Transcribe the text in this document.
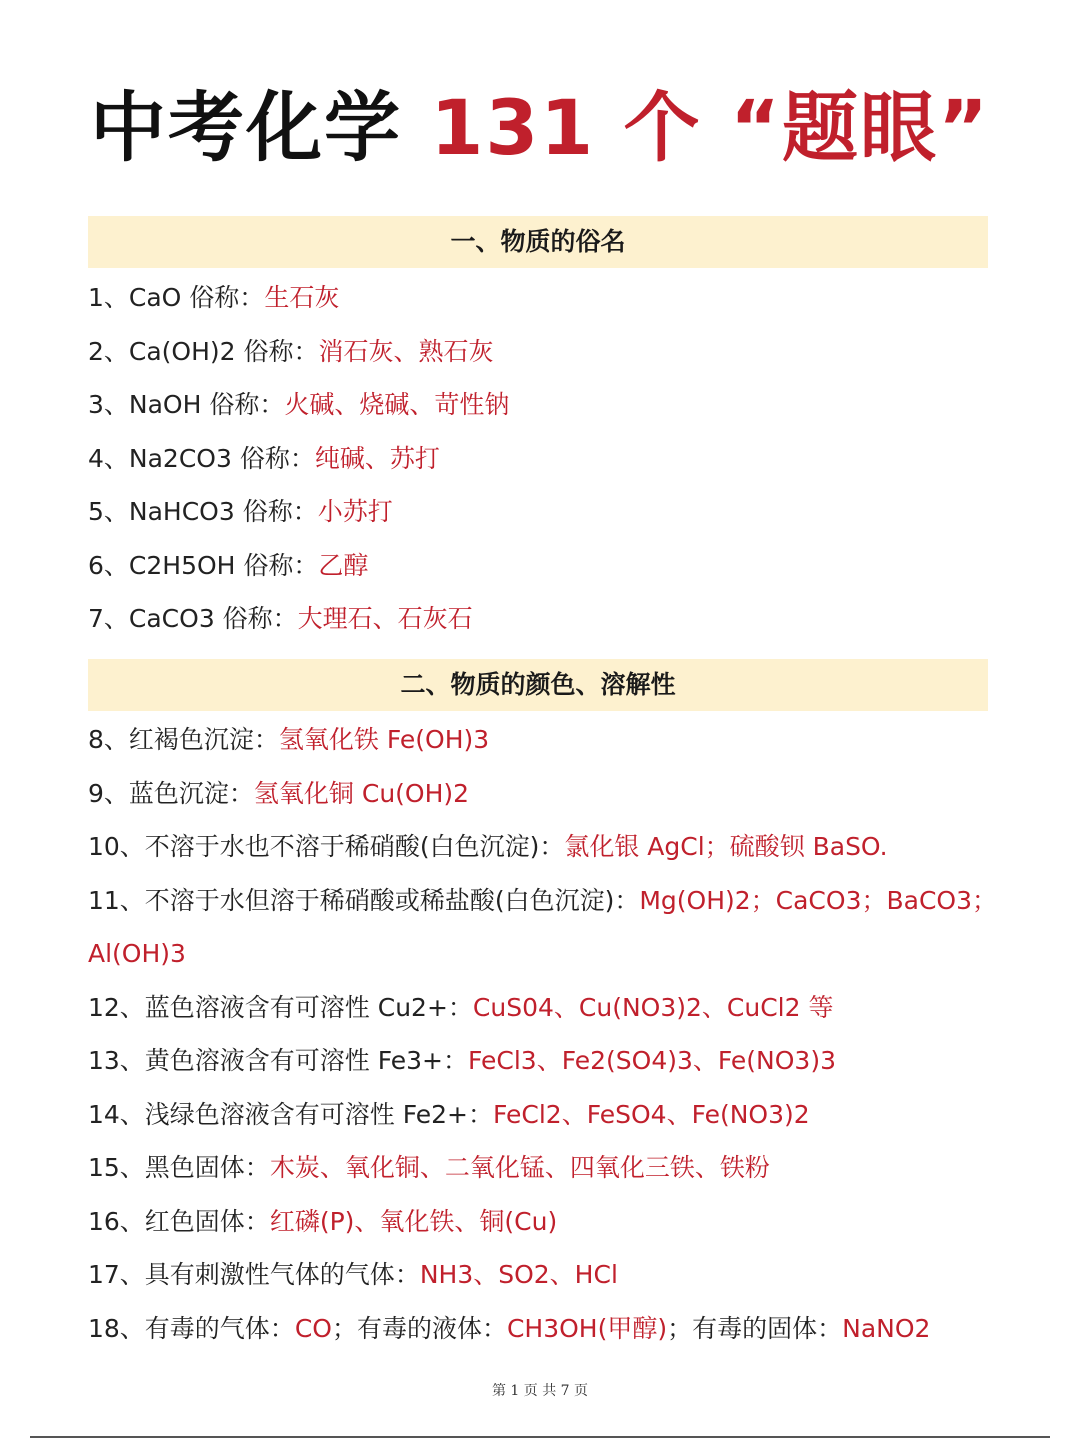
中考化学 131 个 “题眼”
一、物质的俗名
1、CaO 俗称：生石灰
2、Ca(OH)2 俗称：消石灰、熟石灰
3、NaOH 俗称：火碱、烧碱、苛性钠
4、Na2CO3 俗称：纯碱、苏打
5、NaHCO3 俗称：小苏打
6、C2H5OH 俗称：乙醇
7、CaCO3 俗称：大理石、石灰石
二、物质的颜色、溶解性
8、红褐色沉淀：氢氧化铁 Fe(OH)3
9、蓝色沉淀：氢氧化铜 Cu(OH)2
10、不溶于水也不溶于稀硝酸(白色沉淀)：氯化银 AgCl；硫酸钡 BaSO.
11、不溶于水但溶于稀硝酸或稀盐酸(白色沉淀)：Mg(OH)2；CaCO3；BaCO3；
Al(OH)3
12、蓝色溶液含有可溶性 Cu2+：CuS04、Cu(NO3)2、CuCl2 等
13、黄色溶液含有可溶性 Fe3+：FeCl3、Fe2(SO4)3、Fe(NO3)3
14、浅绿色溶液含有可溶性 Fe2+：FeCl2、FeSO4、Fe(NO3)2
15、黑色固体：木炭、氧化铜、二氧化锰、四氧化三铁、铁粉
16、红色固体：红磷(P)、氧化铁、铜(Cu)
17、具有刺激性气体的气体：NH3、SO2、HCl
18、有毒的气体：CO；有毒的液体：CH3OH(甲醇)；有毒的固体：NaNO2
第 1 页 共 7 页
